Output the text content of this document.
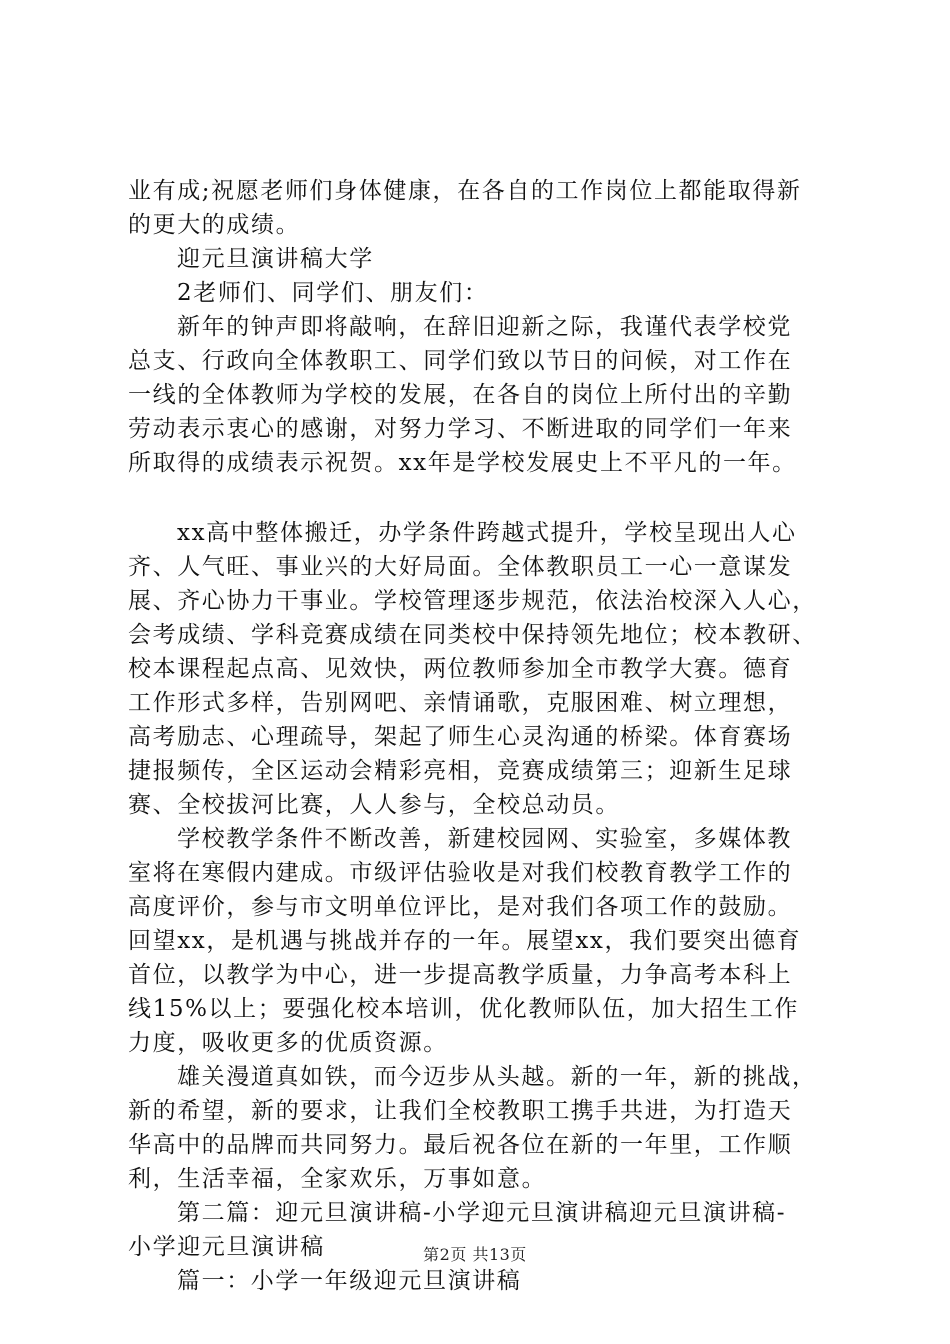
业有成;祝愿老师们身体健康，在各自的工作岗位上都能取得新
的更大的成绩。
迎元旦演讲稿大学
2老师们、同学们、朋友们：
新年的钟声即将敲响，在辞旧迎新之际，我谨代表学校党
总支、行政向全体教职工、同学们致以节日的问候，对工作在
一线的全体教师为学校的发展，在各自的岗位上所付出的辛勤
劳动表示衷心的感谢，对努力学习、不断进取的同学们一年来
所取得的成绩表示祝贺。xx年是学校发展史上不平凡的一年。
xx高中整体搬迁，办学条件跨越式提升，学校呈现出人心
齐、人气旺、事业兴的大好局面。全体教职员工一心一意谋发
展、齐心协力干事业。学校管理逐步规范，依法治校深入人心，
会考成绩、学科竞赛成绩在同类校中保持领先地位；校本教研、
校本课程起点高、见效快，两位教师参加全市教学大赛。德育
工作形式多样，告别网吧、亲情诵歌，克服困难、树立理想，
高考励志、心理疏导，架起了师生心灵沟通的桥梁。体育赛场
捷报频传，全区运动会精彩亮相，竞赛成绩第三；迎新生足球
赛、全校拔河比赛，人人参与，全校总动员。
学校教学条件不断改善，新建校园网、实验室，多媒体教
室将在寒假内建成。市级评估验收是对我们校教育教学工作的
高度评价，参与市文明单位评比，是对我们各项工作的鼓励。
回望xx，是机遇与挑战并存的一年。展望xx，我们要突出德育
首位，以教学为中心，进一步提高教学质量，力争高考本科上
线15%以上；要强化校本培训，优化教师队伍，加大招生工作
力度，吸收更多的优质资源。
雄关漫道真如铁，而今迈步从头越。新的一年，新的挑战，
新的希望，新的要求，让我们全校教职工携手共进，为打造天
华高中的品牌而共同努力。最后祝各位在新的一年里，工作顺
利，生活幸福，全家欢乐，万事如意。
第二篇：迎元旦演讲稿-小学迎元旦演讲稿迎元旦演讲稿-
小学迎元旦演讲稿
篇一：小学一年级迎元旦演讲稿
第2页 共13页
